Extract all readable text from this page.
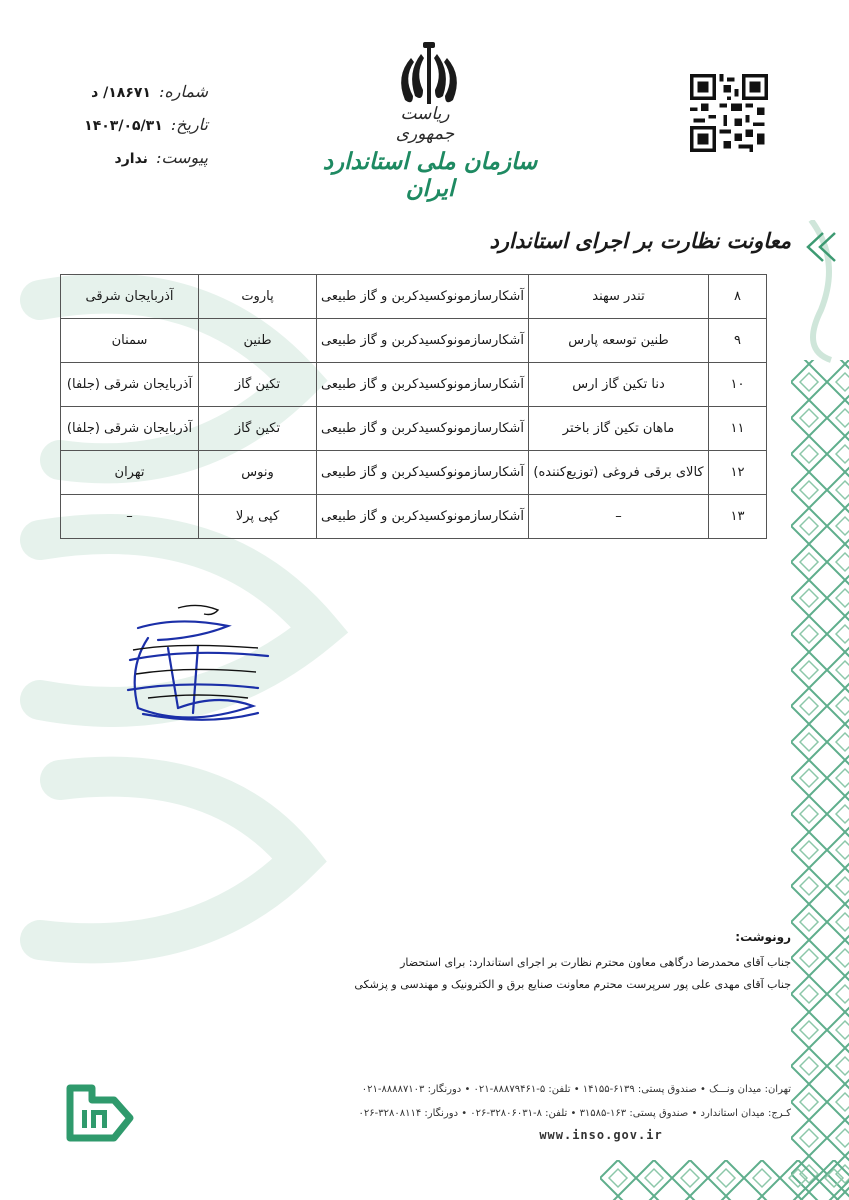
ریاست جمهوری
سازمان ملی استاندارد ایران
شماره:
۱۸۶۷۱/ د
تاریخ:
۱۴۰۳/۰۵/۳۱
پیوست:
ندارد
معاونت نظارت بر اجرای استاندارد
۸	تندر سهند	آشکارسازمونوکسیدکربن و گاز طبیعی	پاروت	آذربایجان شرقی
۹	طنین توسعه پارس	آشکارسازمونوکسیدکربن و گاز طبیعی	طنین	سمنان
۱۰	دنا تکین گاز ارس	آشکارسازمونوکسیدکربن و گاز طبیعی	تکین گاز	آذربایجان شرقی (جلفا)
۱۱	ماهان تکین گاز باختر	آشکارسازمونوکسیدکربن و گاز طبیعی	تکین گاز	آذربایجان شرقی (جلفا)
۱۲	کالای برقی فروغی (توزیع‌کننده)	آشکارسازمونوکسیدکربن و گاز طبیعی	ونوس	تهران
۱۳	–	آشکارسازمونوکسیدکربن و گاز طبیعی	کپی پرلا	–
رونوشت:
جناب آقای محمدرضا درگاهی معاون محترم نظارت بر اجرای استاندارد: برای استحضار
جناب آقای مهدی علی پور سرپرست محترم معاونت صنایع برق و الکترونیک و مهندسی و پزشکی
تهران: میدان ونـــک • صندوق پستی: ۶۱۳۹-۱۴۱۵۵ • تلفن: ۵-۸۸۸۷۹۴۶۱-۰۲۱ • دورنگار: ۸۸۸۸۷۱۰۳-۰۲۱
کـرج: میدان استاندارد • صندوق پستی: ۱۶۳-۳۱۵۸۵ • تلفن: ۸-۳۲۸۰۶۰۳۱-۰۲۶ • دورنگار: ۳۲۸۰۸۱۱۴-۰۲۶
www.inso.gov.ir
